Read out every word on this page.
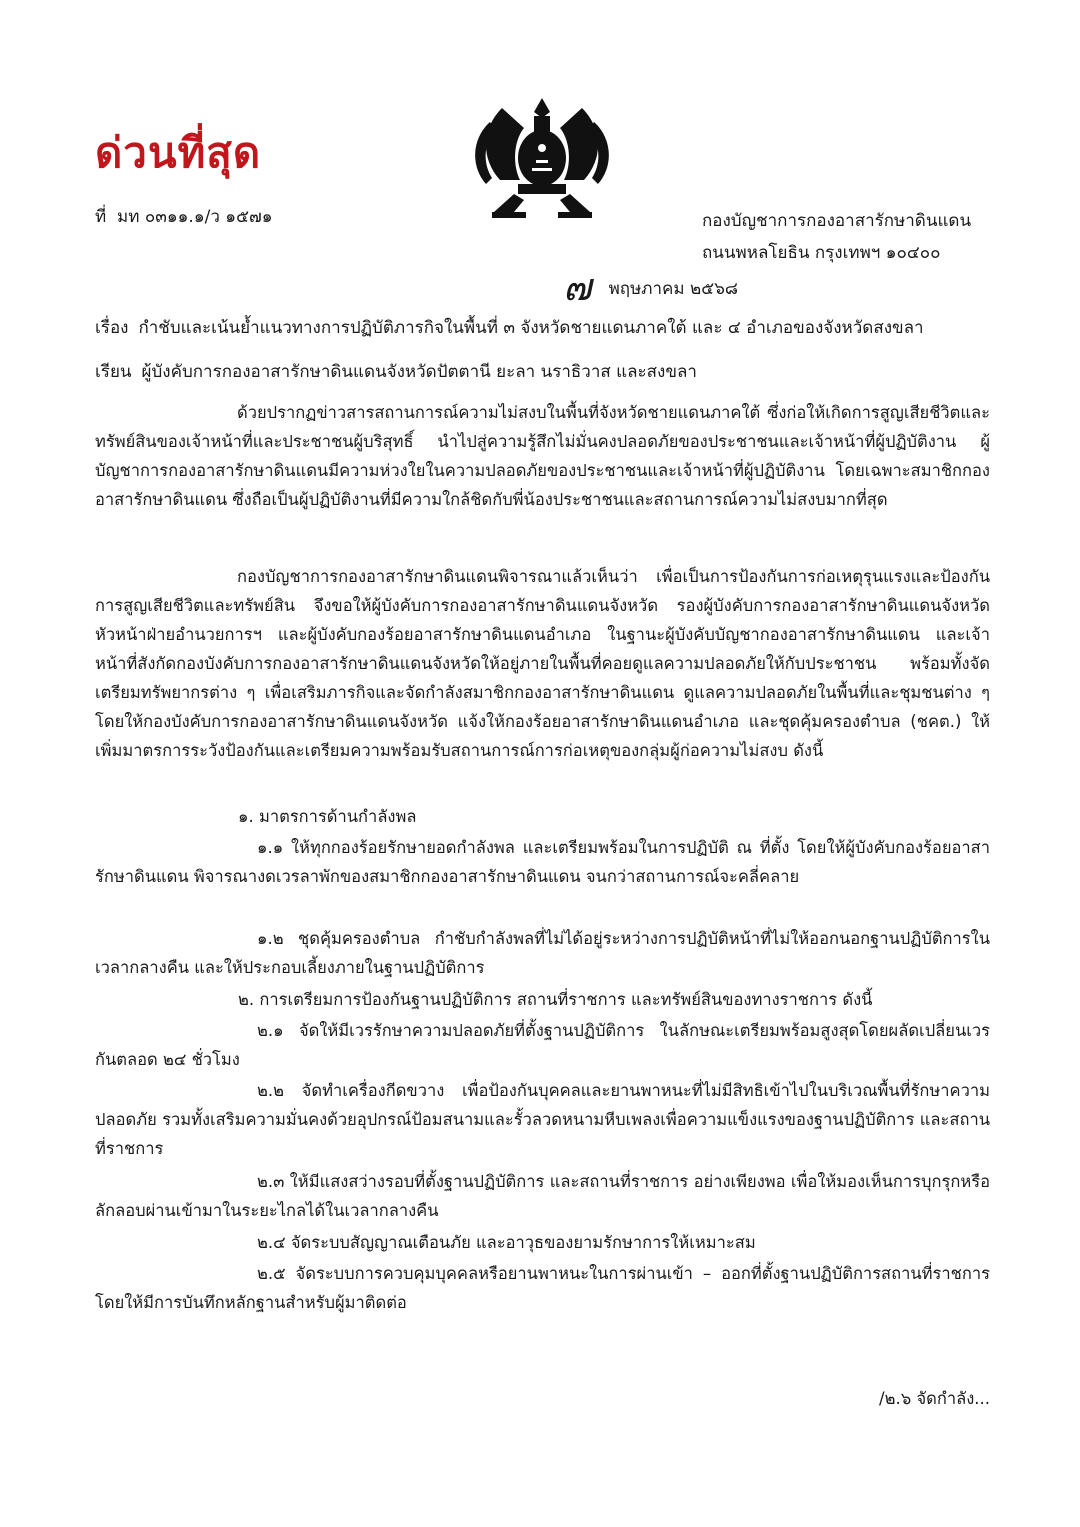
ด่วนที่สุด
ที่ มท ๐๓๑๑.๑/ว ๑๕๗๑	กองบัญชาการกองอาสารักษาดินแดน
ถนนพหลโยธิน กรุงเทพฯ ๑๐๔๐๐
๗ พฤษภาคม ๒๕๖๘
เรื่อง กำชับและเน้นย้ำแนวทางการปฏิบัติภารกิจในพื้นที่ ๓ จังหวัดชายแดนภาคใต้ และ ๔ อำเภอของจังหวัดสงขลา
เรียน ผู้บังคับการกองอาสารักษาดินแดนจังหวัดปัตตานี ยะลา นราธิวาส และสงขลา
ด้วยปรากฏข่าวสารสถานการณ์ความไม่สงบในพื้นที่จังหวัดชายแดนภาคใต้ ซึ่งก่อให้เกิดการสูญเสียชีวิตและทรัพย์สินของเจ้าหน้าที่และประชาชนผู้บริสุทธิ์ นำไปสู่ความรู้สึกไม่มั่นคงปลอดภัยของประชาชนและเจ้าหน้าที่ผู้ปฏิบัติงาน ผู้บัญชาการกองอาสารักษาดินแดนมีความห่วงใยในความปลอดภัยของประชาชนและเจ้าหน้าที่ผู้ปฏิบัติงาน โดยเฉพาะสมาชิกกองอาสารักษาดินแดน ซึ่งถือเป็นผู้ปฏิบัติงานที่มีความใกล้ชิดกับพี่น้องประชาชนและสถานการณ์ความไม่สงบมากที่สุด
กองบัญชาการกองอาสารักษาดินแดนพิจารณาแล้วเห็นว่า เพื่อเป็นการป้องกันการก่อเหตุรุนแรงและป้องกันการสูญเสียชีวิตและทรัพย์สิน จึงขอให้ผู้บังคับการกองอาสารักษาดินแดนจังหวัด รองผู้บังคับการกองอาสารักษาดินแดนจังหวัด หัวหน้าฝ่ายอำนวยการฯ และผู้บังคับกองร้อยอาสารักษาดินแดนอำเภอ ในฐานะผู้บังคับบัญชากองอาสารักษาดินแดน และเจ้าหน้าที่สังกัดกองบังคับการกองอาสารักษาดินแดนจังหวัดให้อยู่ภายในพื้นที่คอยดูแลความปลอดภัยให้กับประชาชน พร้อมทั้งจัดเตรียมทรัพยากรต่าง ๆ เพื่อเสริมภารกิจและจัดกำลังสมาชิกกองอาสารักษาดินแดน ดูแลความปลอดภัยในพื้นที่และชุมชนต่าง ๆ โดยให้กองบังคับการกองอาสารักษาดินแดนจังหวัด แจ้งให้กองร้อยอาสารักษาดินแดนอำเภอ และชุดคุ้มครองตำบล (ชคต.) ให้เพิ่มมาตรการระวังป้องกันและเตรียมความพร้อมรับสถานการณ์การก่อเหตุของกลุ่มผู้ก่อความไม่สงบ ดังนี้
๑. มาตรการด้านกำลังพล
๑.๑ ให้ทุกกองร้อยรักษายอดกำลังพล และเตรียมพร้อมในการปฏิบัติ ณ ที่ตั้ง โดยให้ผู้บังคับกองร้อยอาสารักษาดินแดน พิจารณางดเวรลาพักของสมาชิกกองอาสารักษาดินแดน จนกว่าสถานการณ์จะคลี่คลาย
๑.๒ ชุดคุ้มครองตำบล กำชับกำลังพลที่ไม่ได้อยู่ระหว่างการปฏิบัติหน้าที่ไม่ให้ออกนอกฐานปฏิบัติการในเวลากลางคืน และให้ประกอบเลี้ยงภายในฐานปฏิบัติการ
๒. การเตรียมการป้องกันฐานปฏิบัติการ สถานที่ราชการ และทรัพย์สินของทางราชการ ดังนี้
๒.๑ จัดให้มีเวรรักษาความปลอดภัยที่ตั้งฐานปฏิบัติการ ในลักษณะเตรียมพร้อมสูงสุดโดยผลัดเปลี่ยนเวรกันตลอด ๒๔ ชั่วโมง
๒.๒ จัดทำเครื่องกีดขวาง เพื่อป้องกันบุคคลและยานพาหนะที่ไม่มีสิทธิเข้าไปในบริเวณพื้นที่รักษาความปลอดภัย รวมทั้งเสริมความมั่นคงด้วยอุปกรณ์ป้อมสนามและรั้วลวดหนามหีบเพลงเพื่อความแข็งแรงของฐานปฏิบัติการ และสถานที่ราชการ
๒.๓ ให้มีแสงสว่างรอบที่ตั้งฐานปฏิบัติการ และสถานที่ราชการ อย่างเพียงพอ เพื่อให้มองเห็นการบุกรุกหรือลักลอบผ่านเข้ามาในระยะไกลได้ในเวลากลางคืน
๒.๔ จัดระบบสัญญาณเตือนภัย และอาวุธของยามรักษาการให้เหมาะสม
๒.๕ จัดระบบการควบคุมบุคคลหรือยานพาหนะในการผ่านเข้า – ออกที่ตั้งฐานปฏิบัติการสถานที่ราชการ โดยให้มีการบันทึกหลักฐานสำหรับผู้มาติดต่อ
/๒.๖ จัดกำลัง...
